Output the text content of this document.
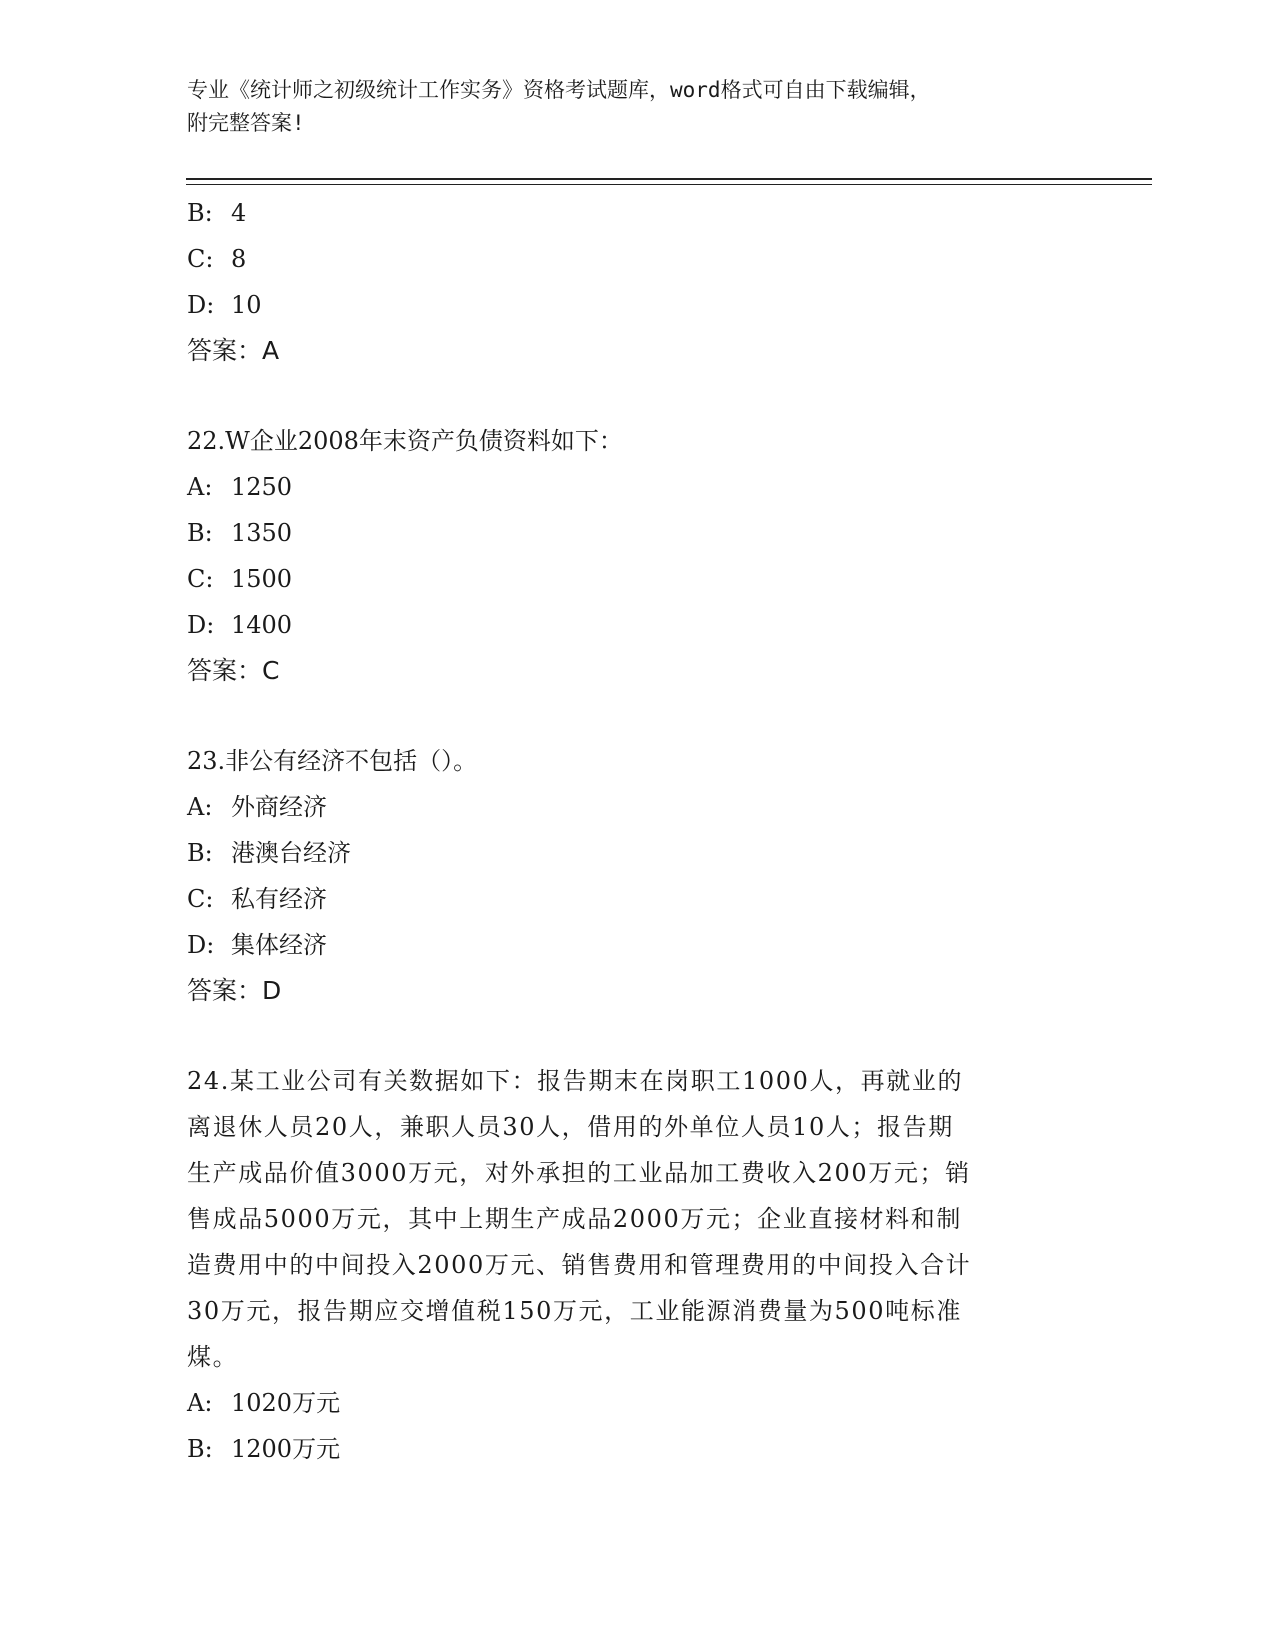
专业《统计师之初级统计工作实务》资格考试题库，word格式可自由下载编辑，
附完整答案!
B: 4
C: 8
D: 10
答案：A
22.W企业2008年末资产负债资料如下：
A: 1250
B: 1350
C: 1500
D: 1400
答案：C
23.非公有经济不包括（）。
A: 外商经济
B: 港澳台经济
C: 私有经济
D: 集体经济
答案：D
24.某工业公司有关数据如下：报告期末在岗职工1000人，再就业的
离退休人员20人，兼职人员30人，借用的外单位人员10人；报告期
生产成品价值3000万元，对外承担的工业品加工费收入200万元；销
售成品5000万元，其中上期生产成品2000万元；企业直接材料和制
造费用中的中间投入2000万元、销售费用和管理费用的中间投入合计
30万元，报告期应交增值税150万元，工业能源消费量为500吨标准
煤。
A: 1020万元
B: 1200万元
